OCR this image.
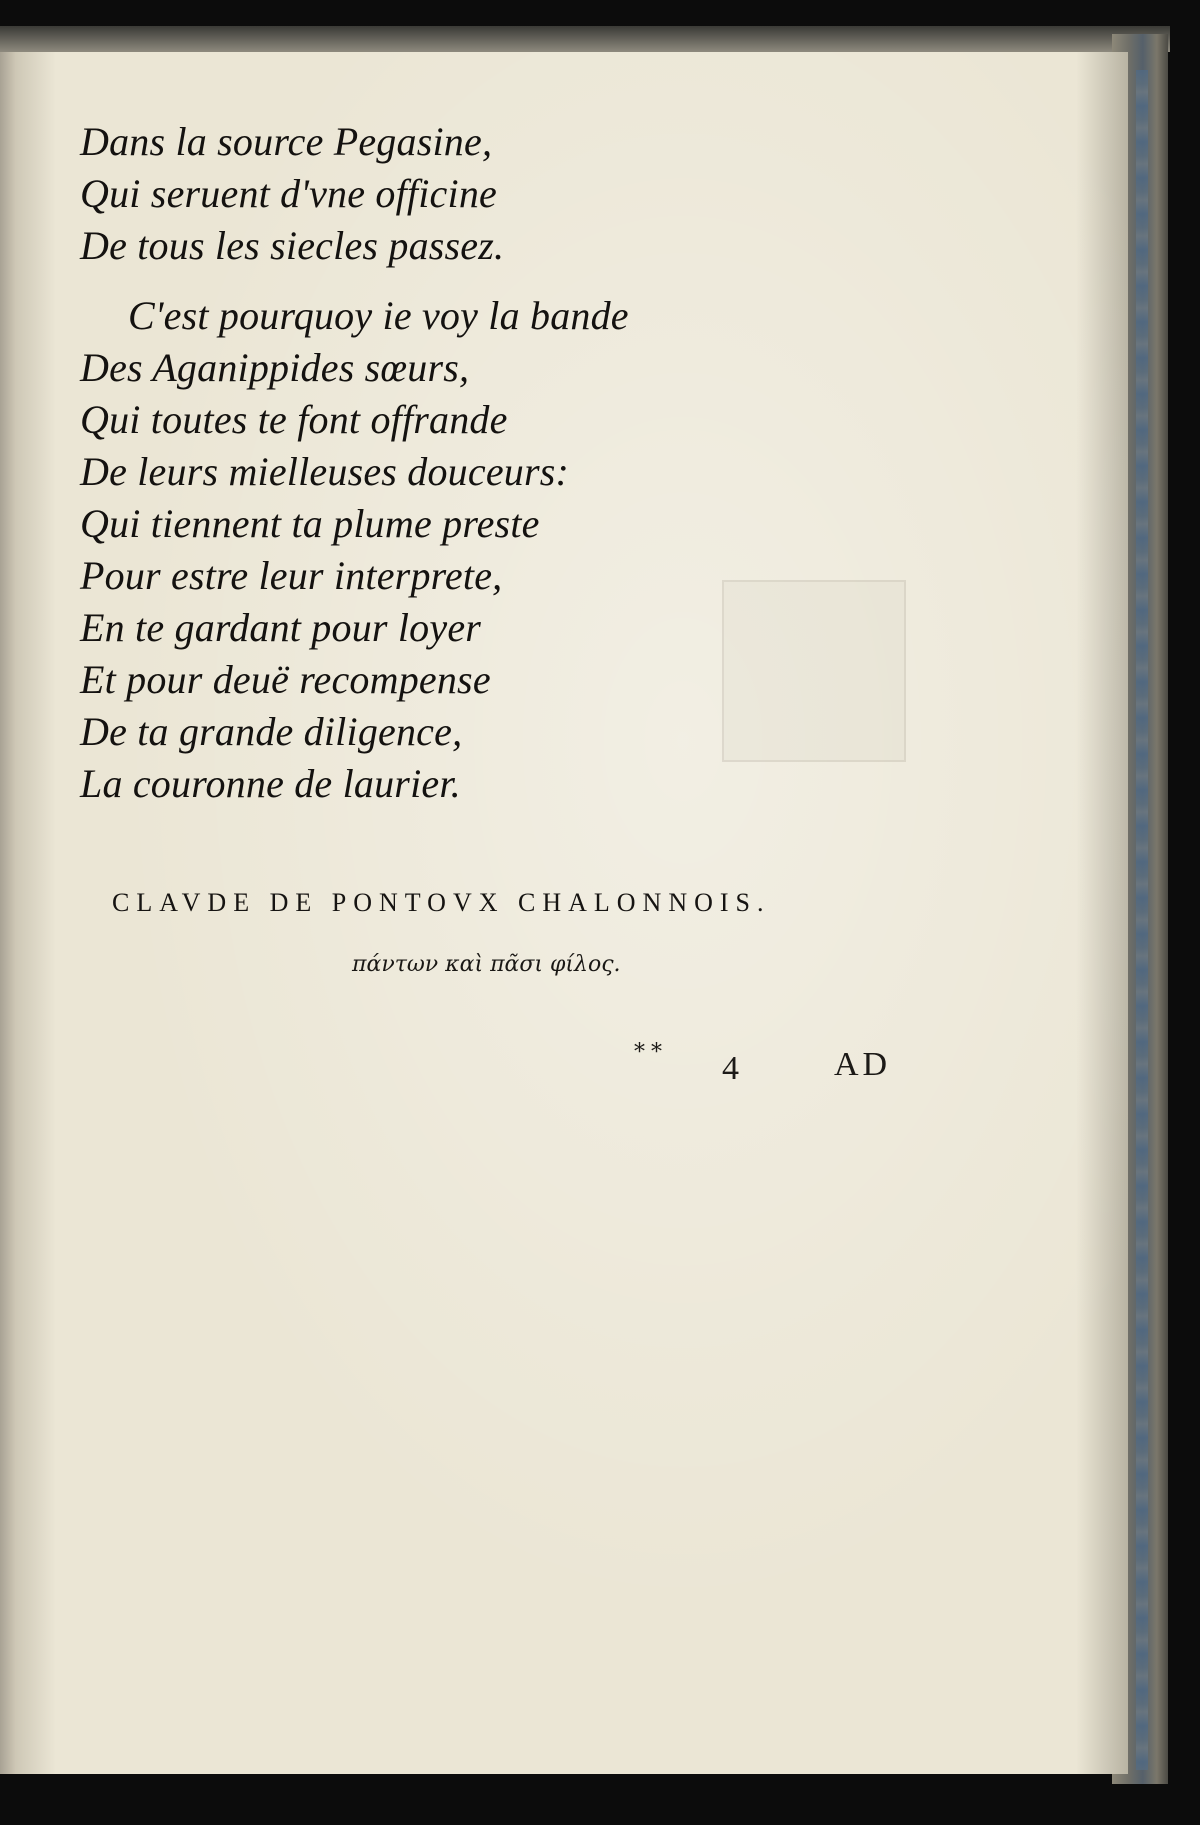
Dans la source Pegasine,
Qui seruent d'vne officine
De tous les siecles passez.
C'est pourquoy ie voy la bande
Des Aganippides sœurs,
Qui toutes te font offrande
De leurs mielleuses douceurs:
Qui tiennent ta plume preste
Pour estre leur interprete,
En te gardant pour loyer
Et pour deuë recompense
De ta grande diligence,
La couronne de laurier.

CLAVDE DE PONTOVX CHALONNOIS.

πάντων καὶ πᾶσι φίλος.

** 4	AD
